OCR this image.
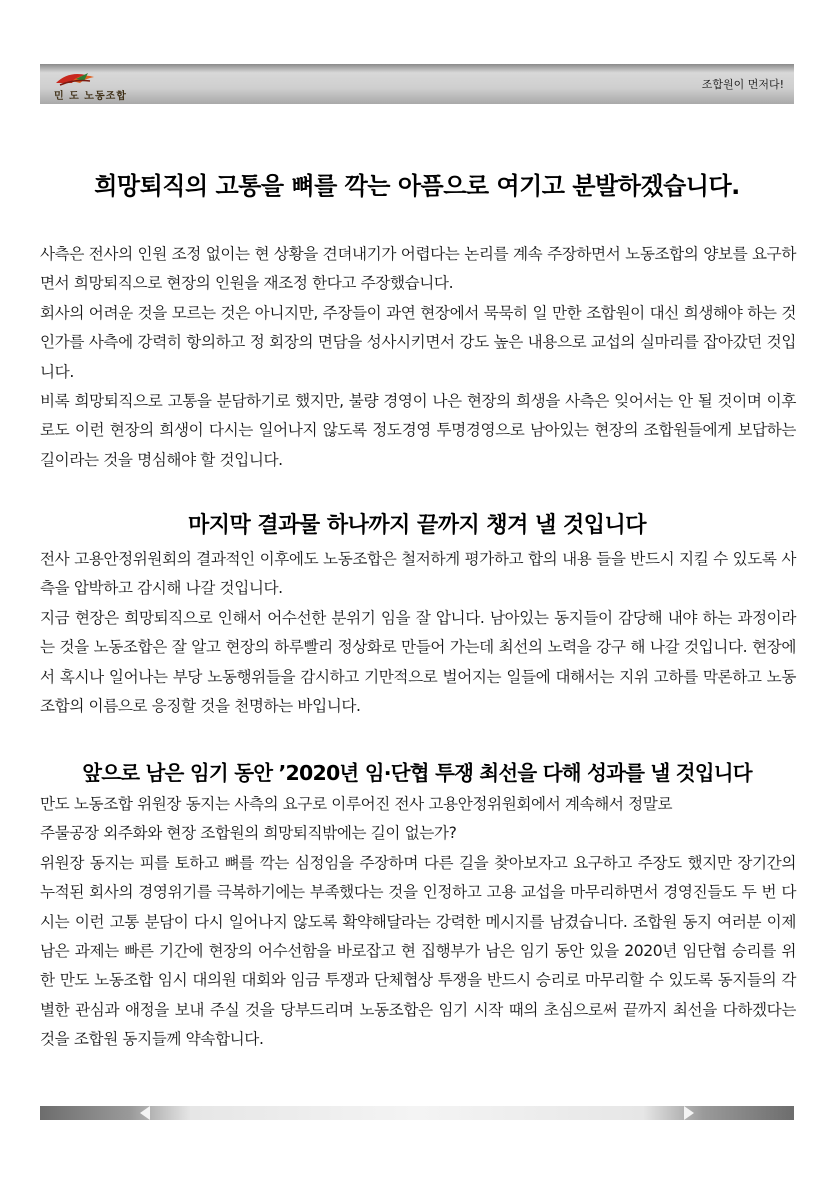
민 도 노동조합
조합원이 먼저다!
희망퇴직의 고통을 뼈를 깍는 아픔으로 여기고 분발하겠습니다.

사측은 전사의 인원 조정 없이는 현 상황을 견뎌내기가 어렵다는 논리를 계속 주장하면서 노동조합의 양보를 요구하면서 희망퇴직으로 현장의 인원을 재조정 한다고 주장했습니다.

회사의 어려운 것을 모르는 것은 아니지만, 주장들이 과연 현장에서 묵묵히 일 만한 조합원이 대신 희생해야 하는 것 인가를 사측에 강력히 항의하고 정 회장의 면담을 성사시키면서 강도 높은 내용으로 교섭의 실마리를 잡아갔던 것입니다.

비록 희망퇴직으로 고통을 분담하기로 했지만, 불량 경영이 나은 현장의 희생을 사측은 잊어서는 안 될 것이며 이후로도 이런 현장의 희생이 다시는 일어나지 않도록 정도경영 투명경영으로 남아있는 현장의 조합원들에게 보답하는 길이라는 것을 명심해야 할 것입니다.

마지막 결과물 하나까지 끝까지 챙겨 낼 것입니다

전사 고용안정위원회의 결과적인 이후에도 노동조합은 철저하게 평가하고 합의 내용 들을 반드시 지킬 수 있도록 사측을 압박하고 감시해 나갈 것입니다.

지금 현장은 희망퇴직으로 인해서 어수선한 분위기 임을 잘 압니다. 남아있는 동지들이 감당해 내야 하는 과정이라는 것을 노동조합은 잘 알고 현장의 하루빨리 정상화로 만들어 가는데 최선의 노력을 강구 해 나갈 것입니다. 현장에서 혹시나 일어나는 부당 노동행위들을 감시하고 기만적으로 벌어지는 일들에 대해서는 지위 고하를 막론하고 노동조합의 이름으로 응징할 것을 천명하는 바입니다.

앞으로 남은 임기 동안 ’2020년 임·단협 투쟁 최선을 다해 성과를 낼 것입니다

만도 노동조합 위원장 동지는 사측의 요구로 이루어진 전사 고용안정위원회에서 계속해서 정말로

주물공장 외주화와 현장 조합원의 희망퇴직밖에는 길이 없는가?

위원장 동지는 피를 토하고 뼈를 깍는 심정임을 주장하며 다른 길을 찾아보자고 요구하고 주장도 했지만 장기간의 누적된 회사의 경영위기를 극복하기에는 부족했다는 것을 인정하고 고용 교섭을 마무리하면서 경영진들도 두 번 다시는 이런 고통 분담이 다시 일어나지 않도록 확약해달라는 강력한 메시지를 남겼습니다. 조합원 동지 여러분 이제 남은 과제는 빠른 기간에 현장의 어수선함을 바로잡고 현 집행부가 남은 임기 동안 있을 2020년 임단협 승리를 위한 만도 노동조합 임시 대의원 대회와 임금 투쟁과 단체협상 투쟁을 반드시 승리로 마무리할 수 있도록 동지들의 각별한 관심과 애정을 보내 주실 것을 당부드리며 노동조합은 임기 시작 때의 초심으로써 끝까지 최선을 다하겠다는 것을 조합원 동지들께 약속합니다.
